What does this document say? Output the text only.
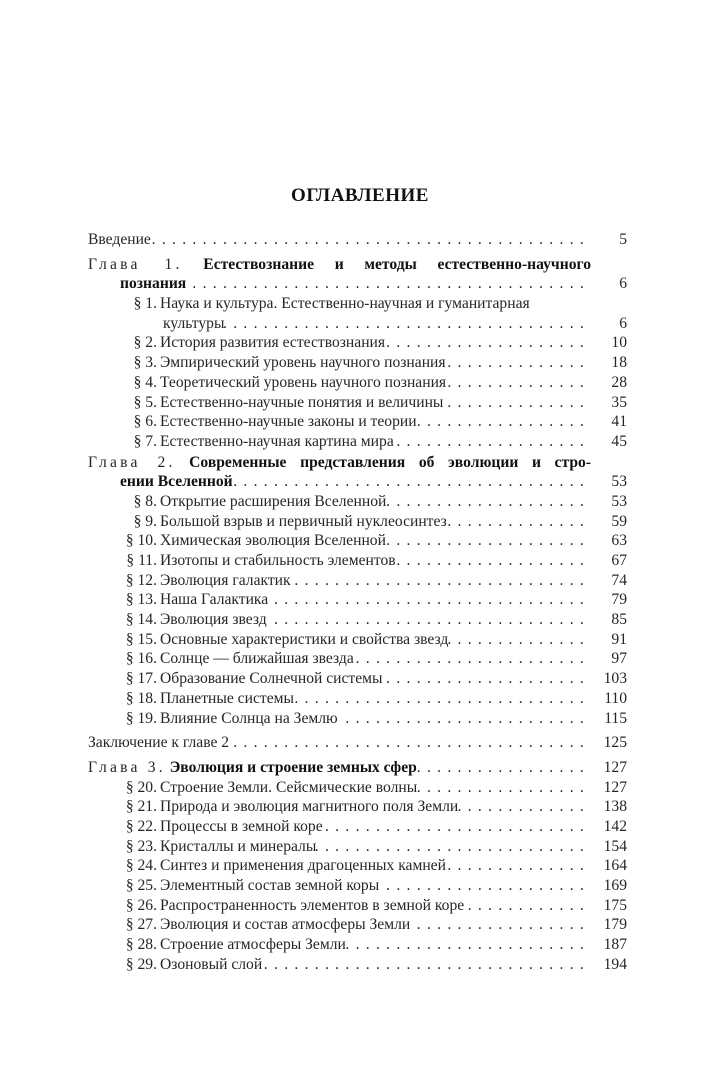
ОГЛАВЛЕНИЕ
Введение . . .	5
Глава 1. Естествознание и методы естественно-научного
познания . . .	6
§ 1. Наука и культура. Естественно-научная и гуманитарная
культуры . . .	6
§ 2. История развития естествознания . . .	10
§ 3. Эмпирический уровень научного познания . . .	18
§ 4. Теоретический уровень научного познания . . .	28
§ 5. Естественно-научные понятия и величины . . .	35
§ 6. Естественно-научные законы и теории . . .	41
§ 7. Естественно-научная картина мира . . .	45
Глава 2. Современные представления об эволюции и стро-
ении Вселенной . . .	53
§ 8. Открытие расширения Вселенной . . .	53
§ 9. Большой взрыв и первичный нуклеосинтез . . .	59
§ 10. Химическая эволюция Вселенной . . .	63
§ 11. Изотопы и стабильность элементов . . .	67
§ 12. Эволюция галактик . . .	74
§ 13. Наша Галактика . . .	79
§ 14. Эволюция звезд . . .	85
§ 15. Основные характеристики и свойства звезд . . .	91
§ 16. Солнце — ближайшая звезда . . .	97
§ 17. Образование Солнечной системы . . .	103
§ 18. Планетные системы . . .	110
§ 19. Влияние Солнца на Землю . . .	115
Заключение к главе 2 . . .	125
Глава 3.
Эволюция и строение земных сфер . . .	127
§ 20. Строение Земли. Сейсмические волны . . .	127
§ 21. Природа и эволюция магнитного поля Земли . . .	138
§ 22. Процессы в земной коре . . .	142
§ 23. Кристаллы и минералы . . .	154
§ 24. Синтез и применения драгоценных камней . . .	164
§ 25. Элементный состав земной коры . . .	169
§ 26. Распространенность элементов в земной коре . . .	175
§ 27. Эволюция и состав атмосферы Земли . . .	179
§ 28. Строение атмосферы Земли . . .	187
§ 29. Озоновый слой . . .	194
